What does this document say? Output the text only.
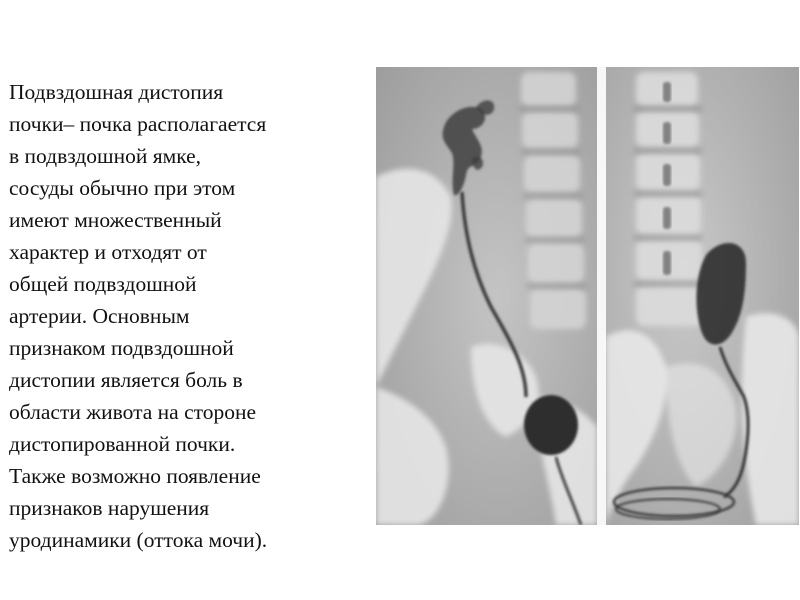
Подвздошная дистопия
почки– почка располагается
в подвздошной ямке,
сосуды обычно при этом
имеют множественный
характер и отходят от
общей подвздошной
артерии. Основным
признаком подвздошной
дистопии является боль в
области живота на стороне
дистопированной почки.
Также возможно появление
признаков нарушения
уродинамики (оттока мочи).
